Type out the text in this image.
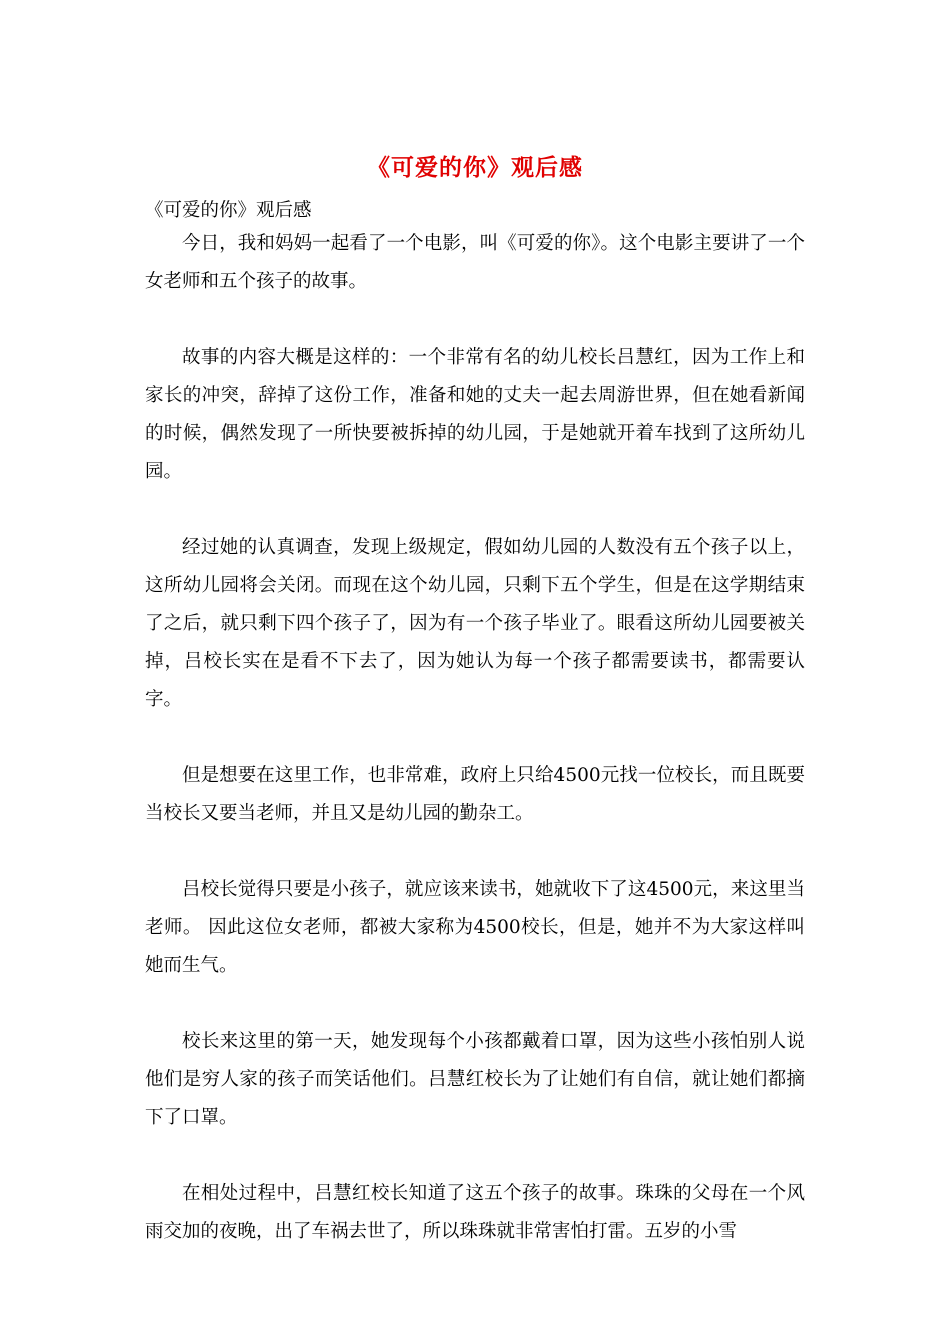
《可爱的你》观后感

《可爱的你》观后感

今日，我和妈妈一起看了一个电影，叫《可爱的你》。这个电影主要讲了一个女老师和五个孩子的故事。

故事的内容大概是这样的：一个非常有名的幼儿校长吕慧红，因为工作上和家长的冲突，辞掉了这份工作，准备和她的丈夫一起去周游世界，但在她看新闻的时候，偶然发现了一所快要被拆掉的幼儿园，于是她就开着车找到了这所幼儿园。

经过她的认真调查，发现上级规定，假如幼儿园的人数没有五个孩子以上，这所幼儿园将会关闭。而现在这个幼儿园，只剩下五个学生，但是在这学期结束了之后，就只剩下四个孩子了，因为有一个孩子毕业了。眼看这所幼儿园要被关掉，吕校长实在是看不下去了，因为她认为每一个孩子都需要读书，都需要认字。

但是想要在这里工作，也非常难，政府上只给4500元找一位校长，而且既要当校长又要当老师，并且又是幼儿园的勤杂工。

吕校长觉得只要是小孩子，就应该来读书，她就收下了这4500元，来这里当老师。 因此这位女老师，都被大家称为4500校长，但是，她并不为大家这样叫她而生气。

校长来这里的第一天，她发现每个小孩都戴着口罩，因为这些小孩怕别人说他们是穷人家的孩子而笑话他们。吕慧红校长为了让她们有自信，就让她们都摘下了口罩。

在相处过程中，吕慧红校长知道了这五个孩子的故事。珠珠的父母在一个风雨交加的夜晚，出了车祸去世了，所以珠珠就非常害怕打雷。五岁的小雪
